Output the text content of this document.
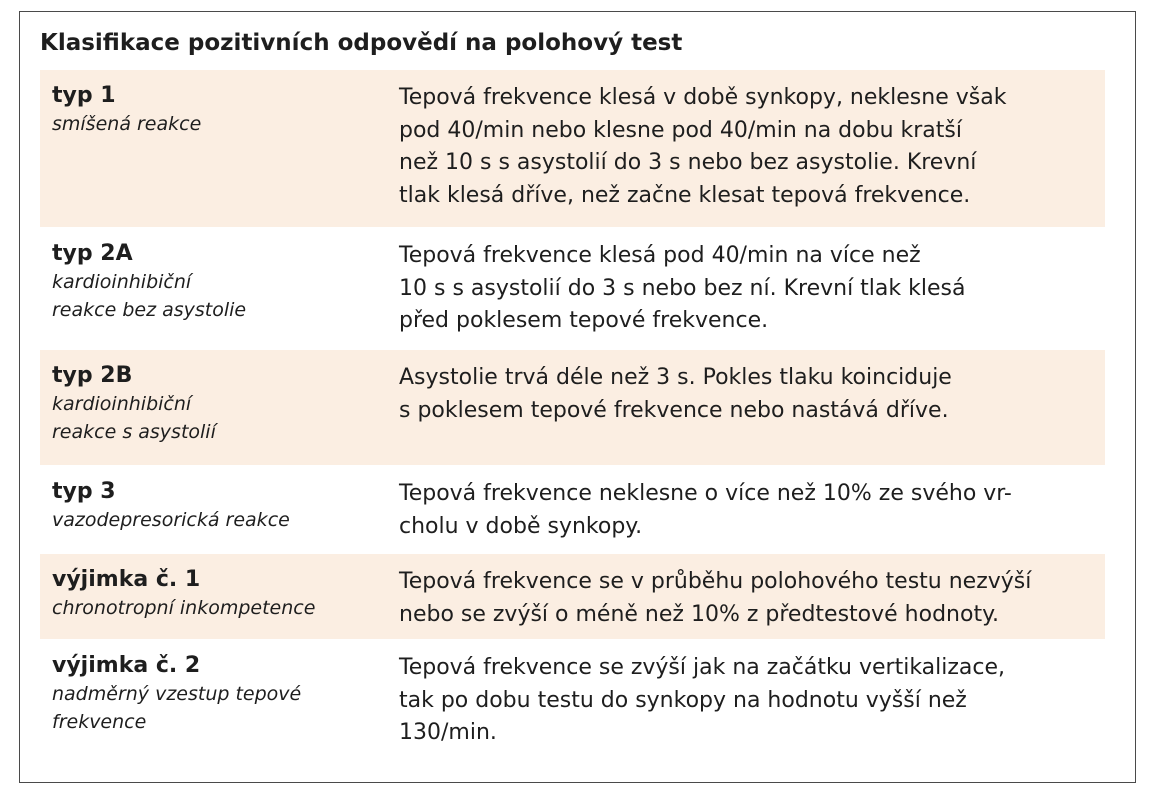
Klasifikace pozitivních odpovědí na polohový test
typ 1
smíšená reakce
Tepová frekvence klesá v době synkopy, neklesne však
pod 40/min nebo klesne pod 40/min na dobu kratší
než 10 s s asystolií do 3 s nebo bez asystolie. Krevní
tlak klesá dříve, než začne klesat tepová frekvence.
typ 2A
kardioinhibiční
reakce bez asystolie
Tepová frekvence klesá pod 40/min na více než
10 s s asystolií do 3 s nebo bez ní. Krevní tlak klesá
před poklesem tepové frekvence.
typ 2B
kardioinhibiční
reakce s asystolií
Asystolie trvá déle než 3 s. Pokles tlaku koinciduje
s poklesem tepové frekvence nebo nastává dříve.
typ 3
vazodepresorická reakce
Tepová frekvence neklesne o více než 10% ze svého vr-
cholu v době synkopy.
výjimka č. 1
chronotropní inkompetence
Tepová frekvence se v průběhu polohového testu nezvýší
nebo se zvýší o méně než 10% z předtestové hodnoty.
výjimka č. 2
nadměrný vzestup tepové
frekvence
Tepová frekvence se zvýší jak na začátku vertikalizace,
tak po dobu testu do synkopy na hodnotu vyšší než
130/min.
